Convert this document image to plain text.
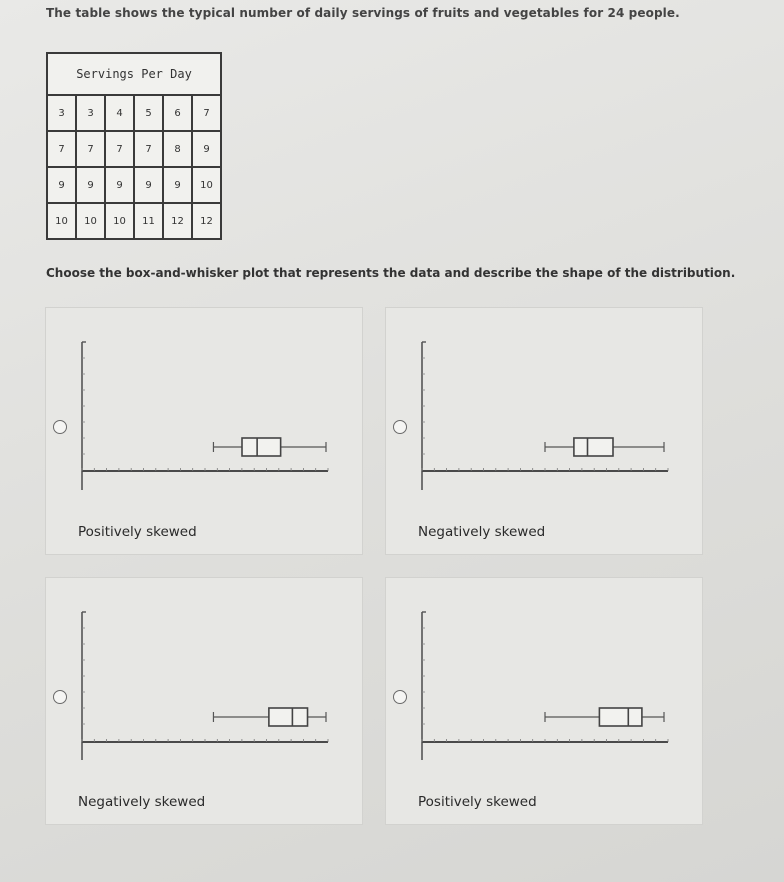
The table shows the typical number of daily servings of fruits and vegetables for 24 people.
Servings Per Day					
3	3	4	5	6	7
7	7	7	7	8	9
9	9	9	9	9	10
10	10	10	11	12	12
Choose the box-and-whisker plot that represents the data and describe the shape of the distribution.
Positively skewed	Negatively skewed
Negatively skewed	Positively skewed
